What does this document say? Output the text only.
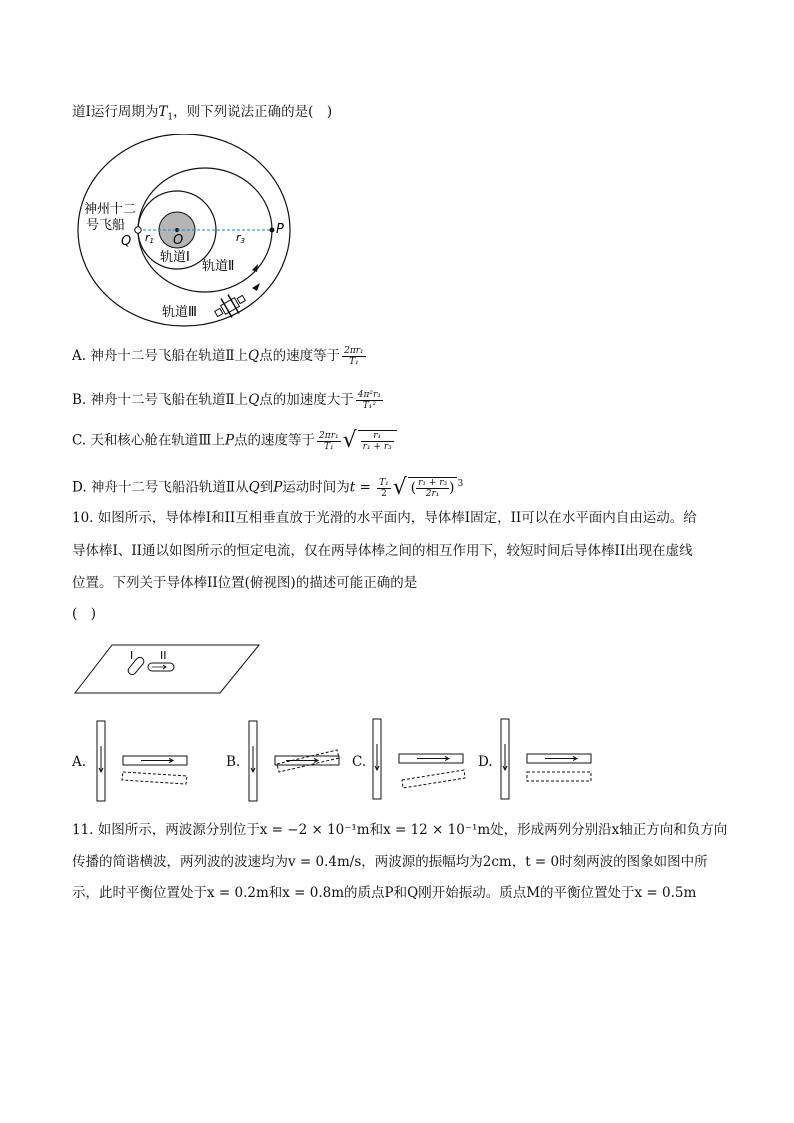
道Ⅰ运行周期为$T_1$，则下列说法正确的是(　)
神州十二
号飞船
Q	O
P
r1	r3
轨道Ⅰ
轨道Ⅱ
轨道Ⅲ
A. 神舟十二号飞船在轨道Ⅱ上Q点的速度等于 $\frac{\text{2πr₁}}{\text{T₁}}$
B. 神舟十二号飞船在轨道Ⅱ上Q点的加速度大于 $\frac{\text{4π²r₁}}{\text{T₁²}}$
C. 天和核心舱在轨道Ⅲ上P点的速度等于 $\frac{\text{2πr₁}}{\text{T₁}}$ √ $\frac{\text{r₁}}{\text{r₁ + r₃}}$
D. 神舟十二号飞船沿轨道Ⅱ从Q到P运动时间为$t = \frac{\text{T₁}}{2}$ √ ( $\frac{\text{r₁ + r₃}}{\text{2r₁}}$ ) $^3$
10. 如图所示，导体棒I和II互相垂直放于光滑的水平面内，导体棒I固定，II可以在水平面内自由运动。给
导体棒I、II通以如图所示的恒定电流，仅在两导体棒之间的相互作用下，较短时间后导体棒II出现在虚线
位置。下列关于导体棒II位置(俯视图)的描述可能正确的是
(　)
I II
A.	B.	C.	D.
11. 如图所示，两波源分别位于x = −2 × 10⁻¹m和x = 12 × 10⁻¹m处，形成两列分别沿x轴正方向和负方向
传播的简谐横波，两列波的波速均为v = 0.4m/s，两波源的振幅均为2cm，t = 0时刻两波的图象如图中所
示，此时平衡位置处于x = 0.2m和x = 0.8m的质点P和Q刚开始振动。质点M的平衡位置处于x = 0.5m
